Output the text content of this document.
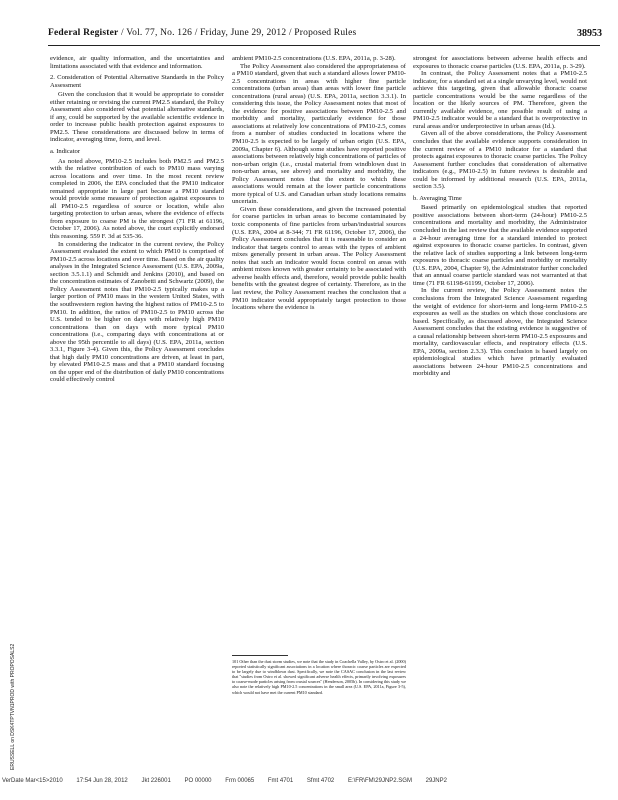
Federal Register / Vol. 77, No. 126 / Friday, June 29, 2012 / Proposed Rules	38953

evidence, air quality information, and the uncertainties and limitations associated with that evidence and information.

2. Consideration of Potential Alternative Standards in the Policy Assessment

Given the conclusion that it would be appropriate to consider either retaining or revising the current PM2.5 standard, the Policy Assessment also considered what potential alternative standards, if any, could be supported by the available scientific evidence in order to increase public health protection against exposures to PM2.5. These considerations are discussed below in terms of indicator, averaging time, form, and level.

a. Indicator

As noted above, PM10-2.5 includes both PM2.5 and PM2.5 with the relative contribution of each to PM10 mass varying across locations and over time. In the most recent review completed in 2006, the EPA concluded that the PM10 indicator remained appropriate in large part because a PM10 standard would provide some measure of protection against exposures to all PM10-2.5 regardless of source or location, while also targeting protection to urban areas, where the evidence of effects from exposure to coarse PM is the strongest (71 FR at 61196, October 17, 2006). As noted above, the court explicitly endorsed this reasoning. 559 F. 3d at 535-36.

In considering the indicator in the current review, the Policy Assessment evaluated the extent to which PM10 is comprised of PM10-2.5 across locations and over time. Based on the air quality analyses in the Integrated Science Assessment (U.S. EPA, 2009a, section 3.5.1.1) and Schmidt and Jenkins (2010), and based on the concentration estimates of Zanobetti and Schwartz (2009), the Policy Assessment notes that PM10-2.5 typically makes up a larger portion of PM10 mass in the western United States, with the southwestern region having the highest ratios of PM10-2.5 to PM10. In addition, the ratios of PM10-2.5 to PM10 across the U.S. tended to be higher on days with relatively high PM10 concentrations than on days with more typical PM10 concentrations (i.e., comparing days with concentrations at or above the 95th percentile to all days) (U.S. EPA, 2011a, section 3.3.1, Figure 3-4). Given this, the Policy Assessment concludes that high daily PM10 concentrations are driven, at least in part, by elevated PM10-2.5 mass and that a PM10 standard focusing on the upper end of the distribution of daily PM10 concentrations could effectively control

ambient PM10-2.5 concentrations (U.S. EPA, 2011a, p. 3-28).

The Policy Assessment also considered the appropriateness of a PM10 standard, given that such a standard allows lower PM10-2.5 concentrations in areas with higher fine particle concentrations (urban areas) than areas with lower fine particle concentrations (rural areas) (U.S. EPA, 2011a, section 3.3.1). In considering this issue, the Policy Assessment notes that most of the evidence for positive associations between PM10-2.5 and morbidity and mortality, particularly evidence for those associations at relatively low concentrations of PM10-2.5, comes from a number of studies conducted in locations where the PM10-2.5 is expected to be largely of urban origin (U.S. EPA, 2009a, Chapter 6). Although some studies have reported positive associations between relatively high concentrations of particles of non-urban origin (i.e., crustal material from windblown dust in non-urban areas, see above) and mortality and morbidity, the Policy Assessment notes that the extent to which these associations would remain at the lower particle concentrations more typical of U.S. and Canadian urban study locations remains uncertain.

Given these considerations, and given the increased potential for coarse particles in urban areas to become contaminated by toxic components of fine particles from urban/industrial sources (U.S. EPA, 2004 at 8-344; 71 FR 61196, October 17, 2006), the Policy Assessment concludes that it is reasonable to consider an indicator that targets control to areas with the types of ambient mixes generally present in urban areas. The Policy Assessment notes that such an indicator would focus control on areas with ambient mixes known with greater certainty to be associated with adverse health effects and, therefore, would provide public health benefits with the greatest degree of certainty. Therefore, as in the last review, the Policy Assessment reaches the conclusion that a PM10 indicator would appropriately target protection to those locations where the evidence is

101 Other than the dust storm studies, we note that the study in Coachella Valley, by Ostro et al. (2000) reported statistically significant associations in a location where thoracic coarse particles are expected to be largely due to windblown dust. Specifically, we note the CASAC conclusion in the last review that "studies from Ostro et al. showed significant adverse health effects, primarily involving exposures to coarse-mode particles arising from crustal sources" (Henderson, 2005b). In considering this study we also note the relatively high PM10-2.5 concentrations in the small area (U.S. EPA, 2011a, Figure 3-5), which would not have met the current PM10 standard.

strongest for associations between adverse health effects and exposures to thoracic coarse particles (U.S. EPA, 2011a, p. 3-29).

In contrast, the Policy Assessment notes that a PM10-2.5 indicator, for a standard set at a single unvarying level, would not achieve this targeting, given that allowable thoracic coarse particle concentrations would be the same regardless of the location or the likely sources of PM. Therefore, given the currently available evidence, one possible result of using a PM10-2.5 indicator would be a standard that is overprotective in rural areas and/or underprotective in urban areas (Id.).

Given all of the above considerations, the Policy Assessment concludes that the available evidence supports consideration in the current review of a PM10 indicator for a standard that protects against exposures to thoracic coarse particles. The Policy Assessment further concludes that consideration of alternative indicators (e.g., PM10-2.5) in future reviews is desirable and could be informed by additional research (U.S. EPA, 2011a, section 3.5).

b. Averaging Time

Based primarily on epidemiological studies that reported positive associations between short-term (24-hour) PM10-2.5 concentrations and mortality and morbidity, the Administrator concluded in the last review that the available evidence supported a 24-hour averaging time for a standard intended to protect against exposures to thoracic coarse particles. In contrast, given the relative lack of studies supporting a link between long-term exposures to thoracic coarse particles and morbidity or mortality (U.S. EPA, 2004, Chapter 9), the Administrator further concluded that an annual coarse particle standard was not warranted at that time (71 FR 61198-61199, October 17, 2006).

In the current review, the Policy Assessment notes the conclusions from the Integrated Science Assessment regarding the weight of evidence for short-term and long-term PM10-2.5 exposures as well as the studies on which those conclusions are based. Specifically, as discussed above, the Integrated Science Assessment concludes that the existing evidence is suggestive of a causal relationship between short-term PM10-2.5 exposures and mortality, cardiovascular effects, and respiratory effects (U.S. EPA, 2009a, section 2.3.3). This conclusion is based largely on epidemiological studies which have primarily evaluated associations between 24-hour PM10-2.5 concentrations and morbidity and

ERUSSELL on DSK4TPTVN1PROD with PROPOSALS2
VerDate Mar<15>2010 17:54 Jun 28, 2012 Jkt 226001 PO 00000 Frm 00065 Fmt 4701 Sfmt 4702 E:\FR\FM\29JNP2.SGM 29JNP2
